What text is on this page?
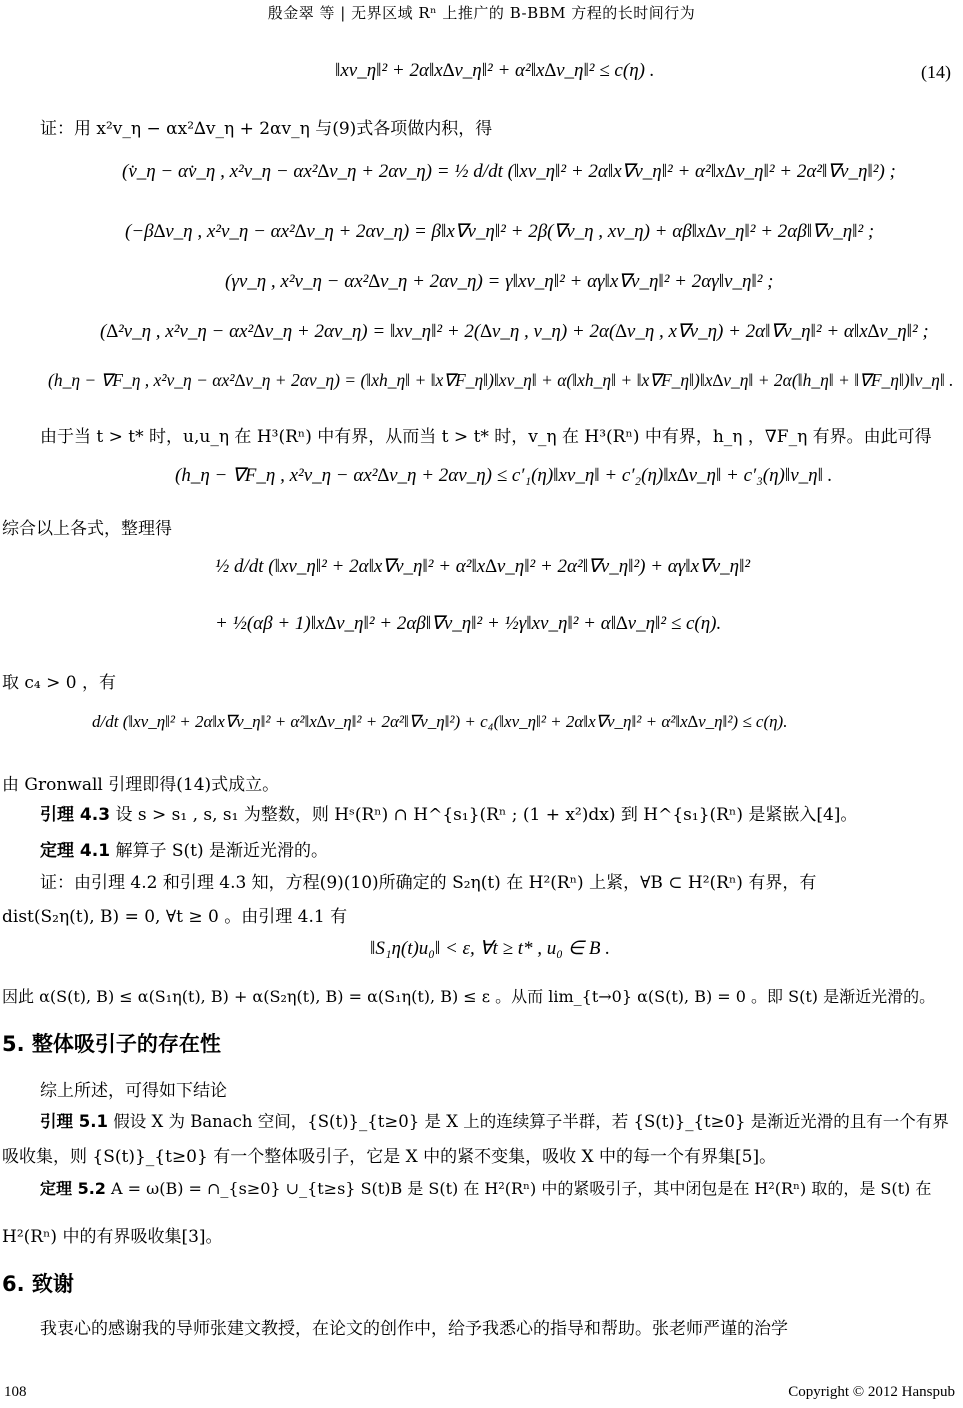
殷金翠 等 | 无界区域 Rⁿ 上推广的 B-BBM 方程的长时间行为
‖xv_η‖² + 2α‖x∆v_η‖² + α²‖x∆v_η‖² ≤ c(η) .	(14)
证：用 x²v_η − αx²∆v_η + 2αv_η 与(9)式各项做内积，得
(v̇_η − αv̇_η , x²v_η − αx²∆v_η + 2αv_η) = ½ d/dt (‖xv_η‖² + 2α‖x∇v_η‖² + α²‖x∆v_η‖² + 2α²‖∇v_η‖²) ;
(−β∆v_η , x²v_η − αx²∆v_η + 2αv_η) = β‖x∇v_η‖² + 2β(∇v_η , xv_η) + αβ‖x∆v_η‖² + 2αβ‖∇v_η‖² ;
(γv_η , x²v_η − αx²∆v_η + 2αv_η) = γ‖xv_η‖² + αγ‖x∇v_η‖² + 2αγ‖v_η‖² ;
(∆²v_η , x²v_η − αx²∆v_η + 2αv_η) = ‖xv_η‖² + 2(∆v_η , v_η) + 2α(∆v_η , x∇v_η) + 2α‖∇v_η‖² + α‖x∆v_η‖² ;
(h_η − ∇F_η , x²v_η − αx²∆v_η + 2αv_η) = (‖xh_η‖ + ‖x∇F_η‖)‖xv_η‖ + α(‖xh_η‖ + ‖x∇F_η‖)‖x∆v_η‖ + 2α(‖h_η‖ + ‖∇F_η‖)‖v_η‖ .
由于当 t > t* 时，u,u_η 在 H³(Rⁿ) 中有界，从而当 t > t* 时，v_η 在 H³(Rⁿ) 中有界，h_η ，∇F_η 有界。由此可得
(h_η − ∇F_η , x²v_η − αx²∆v_η + 2αv_η) ≤ c′₁(η)‖xv_η‖ + c′₂(η)‖x∆v_η‖ + c′₃(η)‖v_η‖ .
综合以上各式，整理得
½ d/dt (‖xv_η‖² + 2α‖x∇v_η‖² + α²‖x∆v_η‖² + 2α²‖∇v_η‖²) + αγ‖x∇v_η‖²
+ ½(αβ + 1)‖x∆v_η‖² + 2αβ‖∇v_η‖² + ½γ‖xv_η‖² + α‖∆v_η‖² ≤ c(η).
取 c₄ > 0 ，有
d/dt (‖xv_η‖² + 2α‖x∇v_η‖² + α²‖x∆v_η‖² + 2α²‖∇v_η‖²) + c₄(‖xv_η‖² + 2α‖x∇v_η‖² + α²‖x∆v_η‖²) ≤ c(η).
由 Gronwall 引理即得(14)式成立。
引理 4.3 设 s > s₁ , s, s₁ 为整数，则 Hˢ(Rⁿ) ∩ H^{s₁}(Rⁿ ; (1 + x²)dx) 到 H^{s₁}(Rⁿ) 是紧嵌入[4]。
定理 4.1 解算子 S(t) 是渐近光滑的。
证：由引理 4.2 和引理 4.3 知，方程(9)(10)所确定的 S₂η(t) 在 H²(Rⁿ) 上紧，∀B ⊂ H²(Rⁿ) 有界，有
dist(S₂η(t), B) = 0, ∀t ≥ 0 。由引理 4.1 有
‖S₁η(t)u₀‖ < ε, ∀t ≥ t* , u₀ ∈ B .
因此 α(S(t), B) ≤ α(S₁η(t), B) + α(S₂η(t), B) = α(S₁η(t), B) ≤ ε 。从而 lim_{t→0} α(S(t), B) = 0 。即 S(t) 是渐近光滑的。
5. 整体吸引子的存在性
综上所述，可得如下结论
引理 5.1 假设 X 为 Banach 空间，{S(t)}_{t≥0} 是 X 上的连续算子半群，若 {S(t)}_{t≥0} 是渐近光滑的且有一个有界
吸收集，则 {S(t)}_{t≥0} 有一个整体吸引子，它是 X 中的紧不变集，吸收 X 中的每一个有界集[5]。
定理 5.2 A = ω(B) = ∩_{s≥0} ∪_{t≥s} S(t)B 是 S(t) 在 H²(Rⁿ) 中的紧吸引子，其中闭包是在 H²(Rⁿ) 取的，是 S(t) 在
H²(Rⁿ) 中的有界吸收集[3]。
6. 致谢
我衷心的感谢我的导师张建文教授，在论文的创作中，给予我悉心的指导和帮助。张老师严谨的治学
108	Copyright © 2012 Hanspub
